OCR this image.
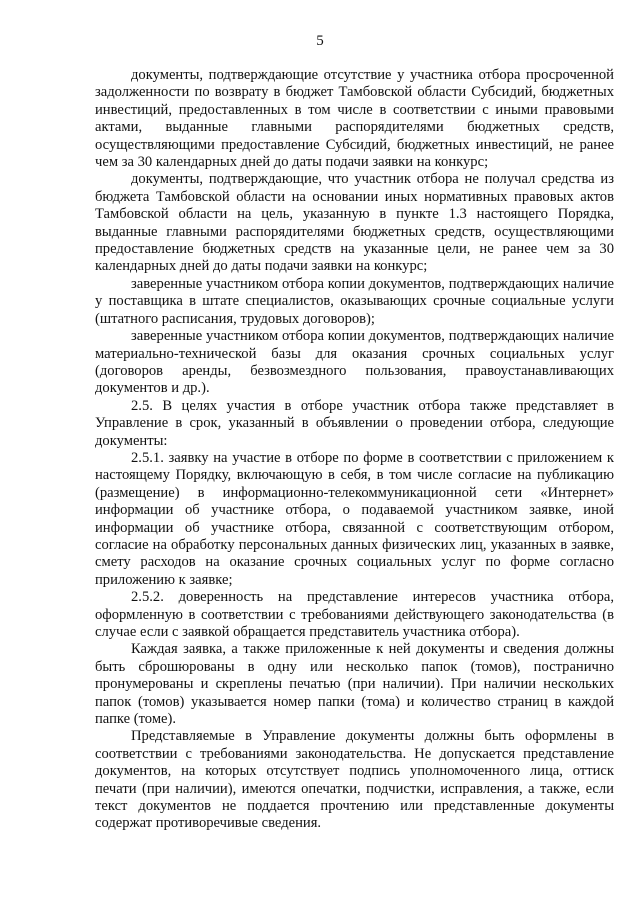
5

документы, подтверждающие отсутствие у участника отбора просроченной задолженности по возврату в бюджет Тамбовской области Субсидий, бюджетных инвестиций, предоставленных в том числе в соответствии с иными правовыми актами, выданные главными распорядителями бюджетных средств, осуществляющими предоставление Субсидий, бюджетных инвестиций, не ранее чем за 30 календарных дней до даты подачи заявки на конкурс;

документы, подтверждающие, что участник отбора не получал средства из бюджета Тамбовской области на основании иных нормативных правовых актов Тамбовской области на цель, указанную в пункте 1.3 настоящего Порядка, выданные главными распорядителями бюджетных средств, осуществляющими предоставление бюджетных средств на указанные цели, не ранее чем за 30 календарных дней до даты подачи заявки на конкурс;

заверенные участником отбора копии документов, подтверждающих наличие у поставщика в штате специалистов, оказывающих срочные социальные услуги (штатного расписания, трудовых договоров);

заверенные участником отбора копии документов, подтверждающих наличие материально-технической базы для оказания срочных социальных услуг (договоров аренды, безвозмездного пользования, правоустанавливающих документов и др.).

2.5. В целях участия в отборе участник отбора также представляет в Управление в срок, указанный в объявлении о проведении отбора, следующие документы:

2.5.1. заявку на участие в отборе по форме в соответствии с приложением к настоящему Порядку, включающую в себя, в том числе согласие на публикацию (размещение) в информационно-телекоммуникационной сети «Интернет» информации об участнике отбора, о подаваемой участником заявке, иной информации об участнике отбора, связанной с соответствующим отбором, согласие на обработку персональных данных физических лиц, указанных в заявке, смету расходов на оказание срочных социальных услуг по форме согласно приложению к заявке;

2.5.2. доверенность на представление интересов участника отбора, оформленную в соответствии с требованиями действующего законодательства (в случае если с заявкой обращается представитель участника отбора).

Каждая заявка, а также приложенные к ней документы и сведения должны быть сброшюрованы в одну или несколько папок (томов), постранично пронумерованы и скреплены печатью (при наличии). При наличии нескольких папок (томов) указывается номер папки (тома) и количество страниц в каждой папке (томе).

Представляемые в Управление документы должны быть оформлены в соответствии с требованиями законодательства. Не допускается представление документов, на которых отсутствует подпись уполномоченного лица, оттиск печати (при наличии), имеются опечатки, подчистки, исправления, а также, если текст документов не поддается прочтению или представленные документы содержат противоречивые сведения.
